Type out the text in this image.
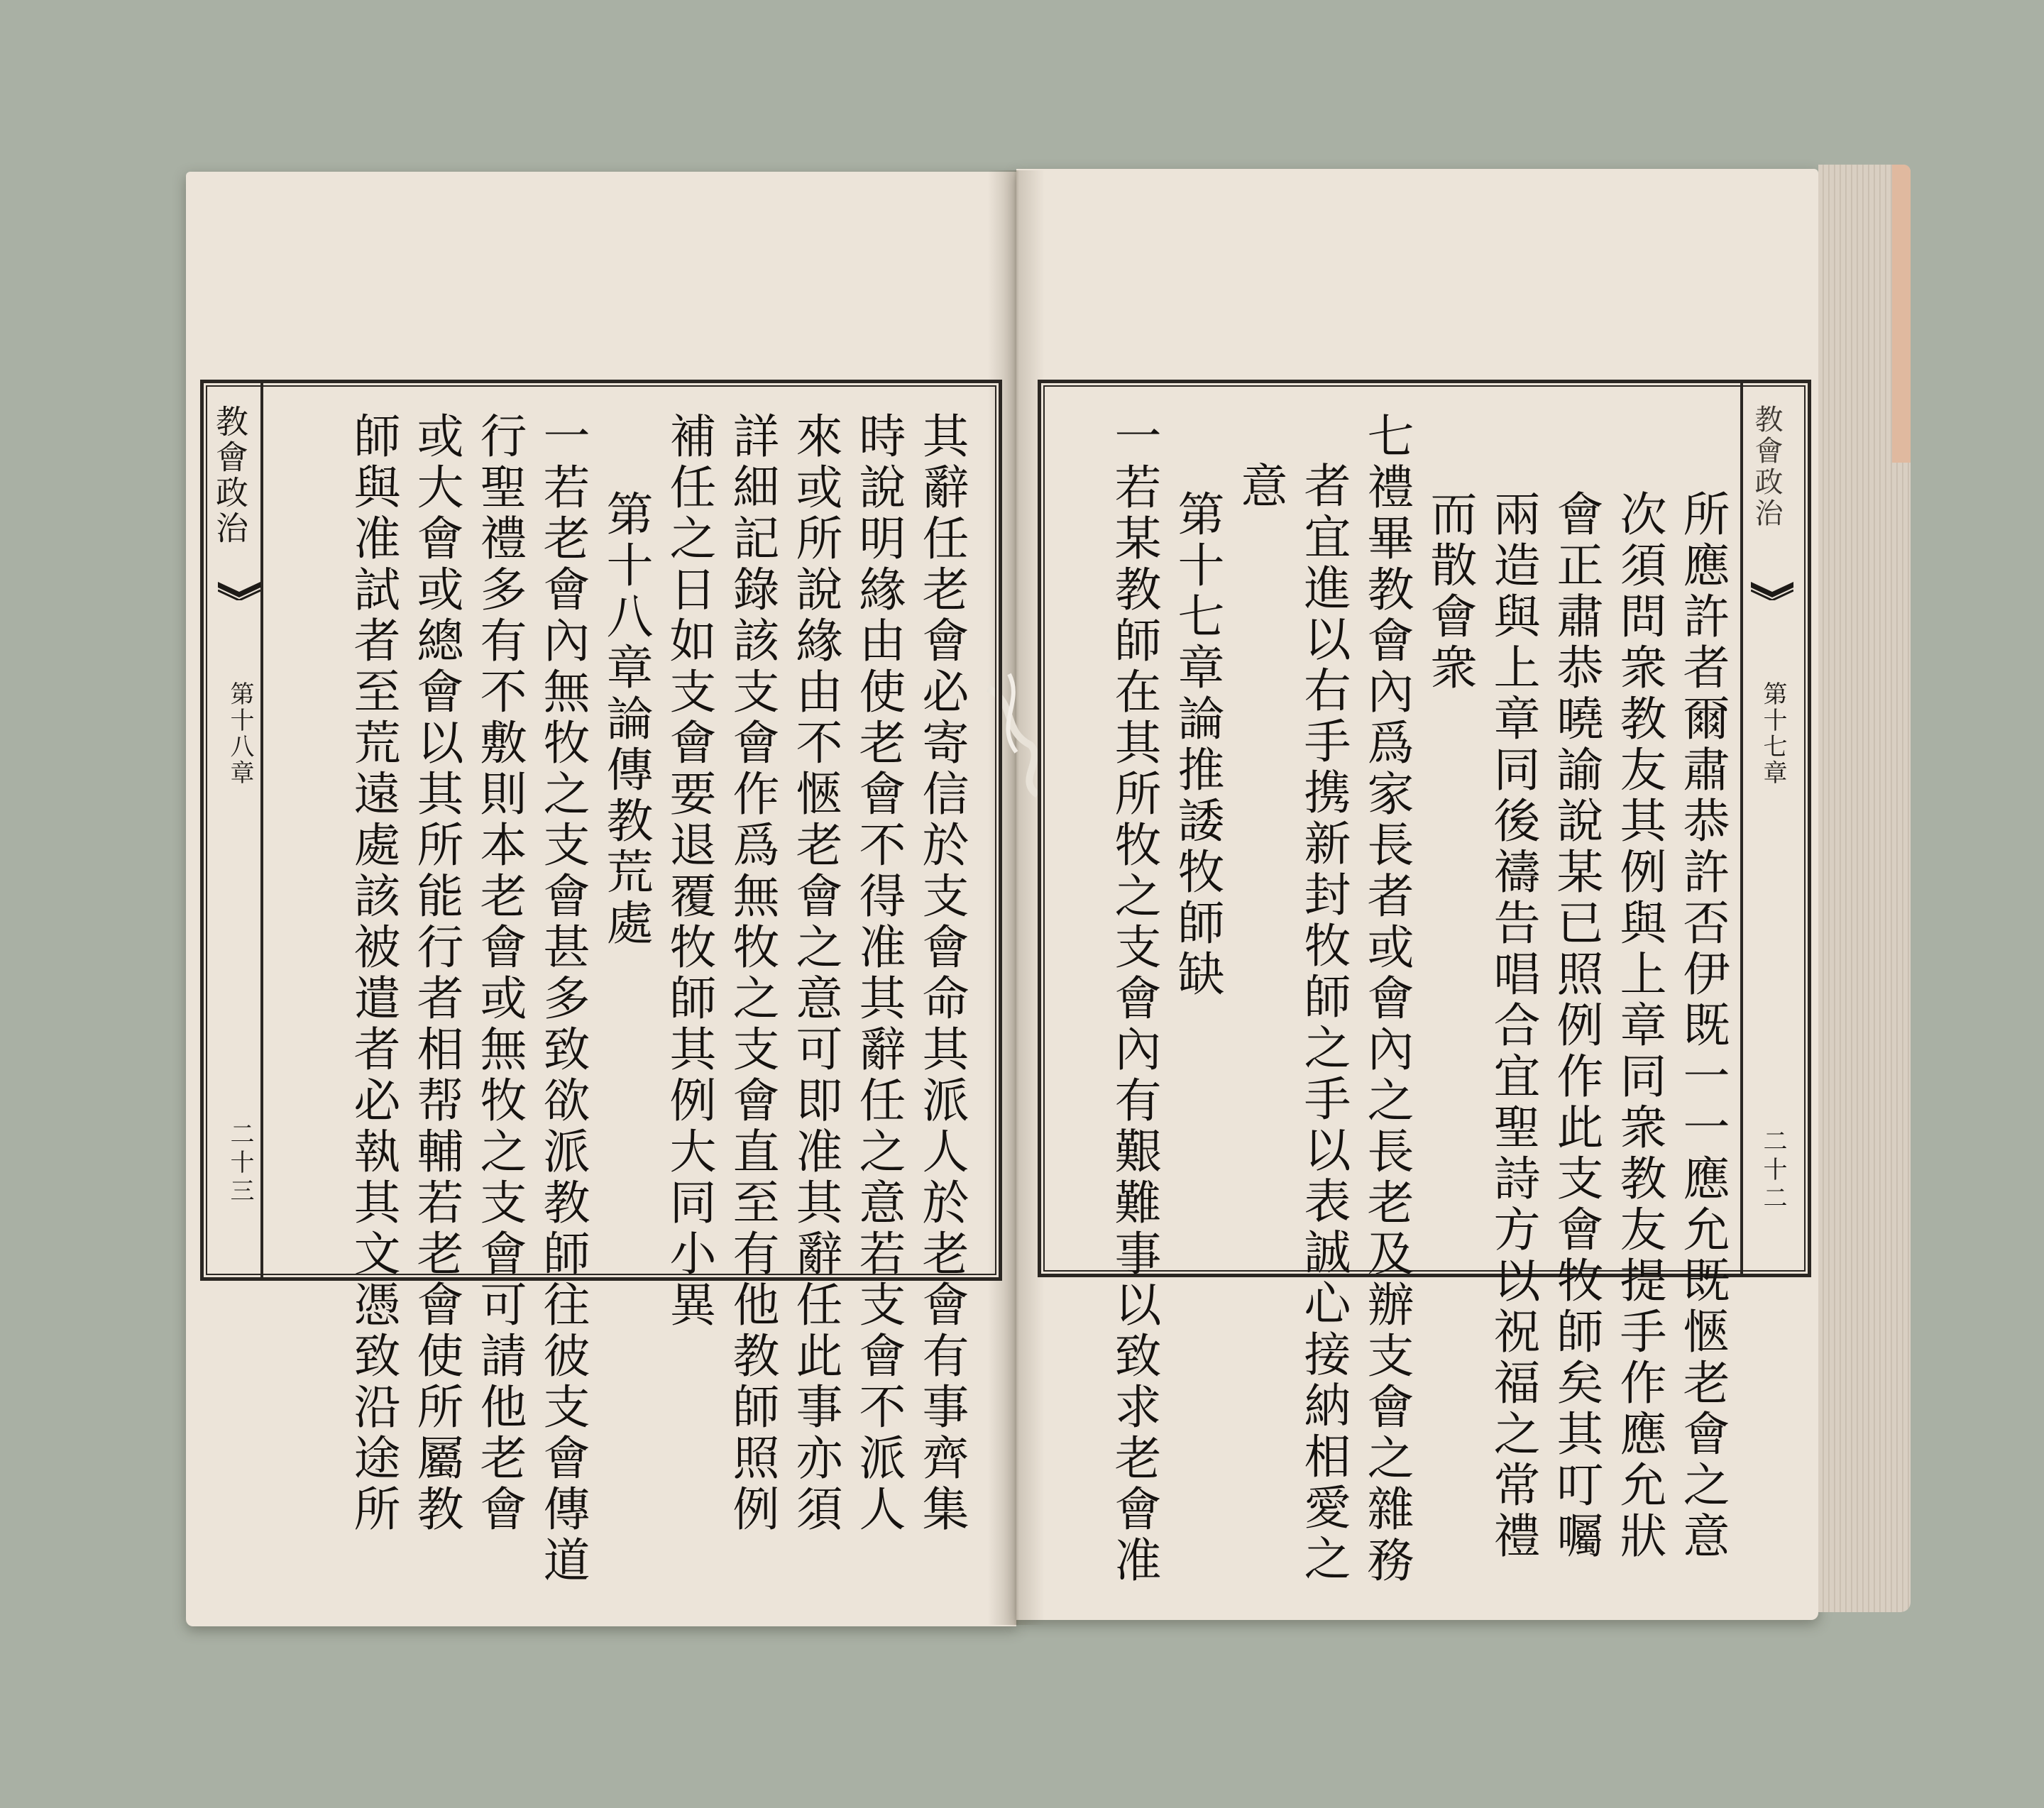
教會政治
第十八章
二十三	其辭任老會必寄信於支會命其派人於老會有事齊集
時說明緣由使老會不得准其辭任之意若支會不派人
來或所說緣由不愜老會之意可即准其辭任此事亦須
詳細記錄該支會作爲無牧之支會直至有他教師照例
補任之日如支會要退覆牧師其例大同小異
第十八章論傳教荒處
一若老會內無牧之支會甚多致欲派教師往彼支會傳道
行聖禮多有不敷則本老會或無牧之支會可請他老會
或大會或總會以其所能行者相帮輔若老會使所屬教
師與准試者至荒遠處該被遣者必執其文憑致沿途所	教會政治
第十七章
二十二
所應許者爾肅恭許否伊既一一應允既愜老會之意
次須問衆教友其例與上章同衆教友提手作應允狀
會正肅恭曉諭說某已照例作此支會牧師矣其叮囑
兩造與上章同後禱告唱合宜聖詩方以祝福之常禮
而散會衆
七禮畢教會內爲家長者或會內之長老及辦支會之雜務
者宜進以右手携新封牧師之手以表誠心接納相愛之
意
第十七章論推諉牧師缺
一若某教師在其所牧之支會內有艱難事以致求老會准
